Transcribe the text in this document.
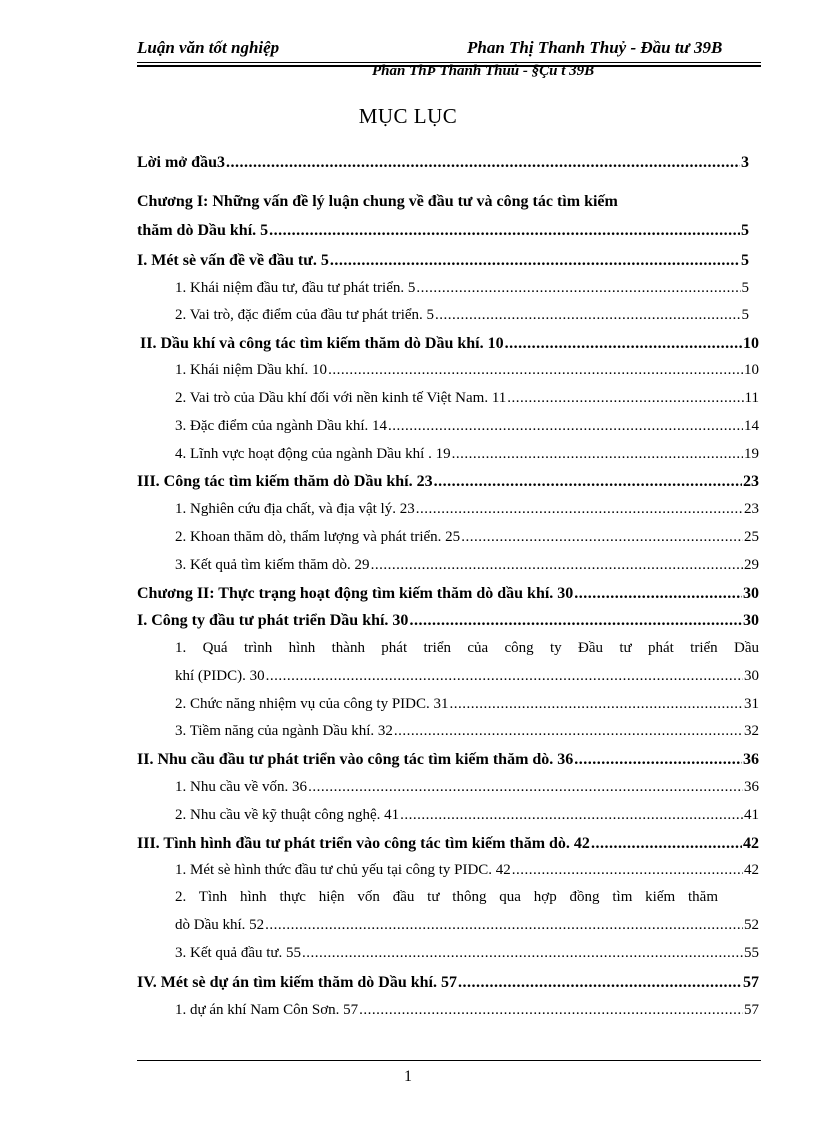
Luận văn tốt nghiệp	Phan Thị Thanh Thuỷ - Đầu tư 39B
Phan ThÞ Thanh Thuû - §Çu t 39B
MỤC LỤC
Lời mở đầu3 .....	3
Chương I: Những vấn đề lý luận chung về đầu tư và công tác tìm kiếm
thăm dò Dầu khí. 5 .....	5
I. Mét sè vấn đề về đầu tư. 5 .....	5
1. Khái niệm đầu tư, đầu tư phát triển. 5 .....	5
2. Vai trò, đặc điểm của đầu tư phát triển. 5 .....	5
II. Dầu khí và công tác tìm kiếm thăm dò Dầu khí. 10 .....	10
1. Khái niệm Dầu khí. 10 .....	10
2. Vai trò của Dầu khí đối với nền kinh tế Việt Nam. 11 .....	11
3. Đặc điểm của ngành Dầu khí. 14 .....	14
4. Lĩnh vực hoạt động của ngành Dầu khí . 19 .....	19
III. Công tác tìm kiếm thăm dò Dầu khí. 23 .....	23
1. Nghiên cứu địa chất, và địa vật lý. 23 .....	23
2. Khoan thăm dò, thẩm lượng và phát triển. 25 .....	25
3. Kết quả tìm kiếm thăm dò. 29 .....	29
Chương II: Thực trạng hoạt động tìm kiếm thăm dò dầu khí. 30 .....	30
I. Công ty đầu tư phát triển Dầu khí. 30 .....	30
1. Quá trình hình thành phát triển của công ty Đầu tư phát triển Dầu
khí (PIDC). 30 .....	30
2. Chức năng nhiệm vụ của công ty PIDC. 31 .....	31
3. Tiềm năng của ngành Dầu khí. 32 .....	32
II. Nhu cầu đầu tư phát triển vào công tác tìm kiếm thăm dò. 36 .....	36
1. Nhu cầu về vốn. 36 .....	36
2. Nhu cầu về kỹ thuật công nghệ. 41 .....	41
III. Tình hình đầu tư phát triển vào công tác tìm kiếm thăm dò. 42 .....	42
1. Mét sè hình thức đầu tư chủ yếu tại công ty PIDC. 42 .....	42
2. Tình hình thực hiện vốn đầu tư thông qua hợp đồng tìm kiếm thăm
dò Dầu khí. 52 .....	52
3. Kết quả đầu tư. 55 .....	55
IV. Mét sè dự án tìm kiếm thăm dò Dầu khí. 57 .....	57
1. dự án khí Nam Côn Sơn. 57 .....	57
1
